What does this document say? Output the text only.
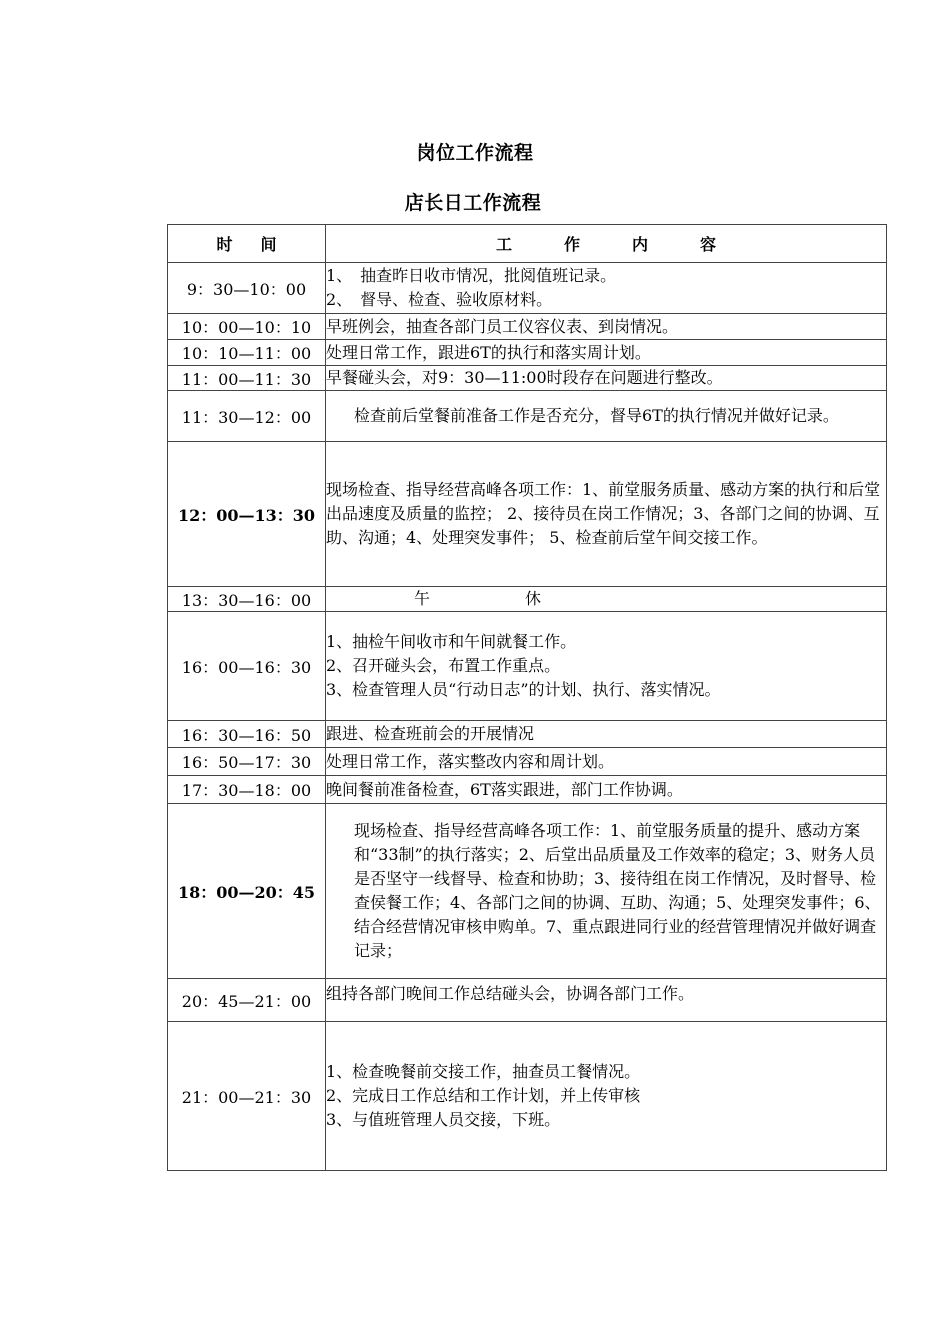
岗位工作流程
店长日工作流程
时 间	工 作 内 容
9：30—10：00	1、　抽查昨日收市情况，批阅值班记录。

2、　督导、检查、验收原材料。

10：00—10：10	早班例会，抽查各部门员工仪容仪表、到岗情况。
10：10—11：00	处理日常工作，跟进6T的执行和落实周计划。
11：00—11：30	早餐碰头会，对9：30—11:00时段存在问题进行整改。
11：30—12：00	检查前后堂餐前准备工作是否充分，督导6T的执行情况并做好记录。
12：00—13：30	现场检查、指导经营高峰各项工作：1、前堂服务质量、感动方案的执行和后堂出品速度及质量的监控； 2、接待员在岗工作情况；3、各部门之间的协调、互助、沟通；4、处理突发事件； 5、检查前后堂午间交接工作。
13：30—16：00	午 休
16：00—16：30	1、抽检午间收市和午间就餐工作。

2、召开碰头会，布置工作重点。

3、检查管理人员“行动日志”的计划、执行、落实情况。

16：30—16：50	跟进、检查班前会的开展情况
16：50—17：30	处理日常工作，落实整改内容和周计划。
17：30—18：00	晚间餐前准备检查，6T落实跟进，部门工作协调。
18：00—20：45	现场检查、指导经营高峰各项工作：1、前堂服务质量的提升、感动方案和“33制”的执行落实；2、后堂出品质量及工作效率的稳定；3、财务人员是否坚守一线督导、检查和协助；3、接待组在岗工作情况，及时督导、检查侯餐工作；4、各部门之间的协调、互助、沟通；5、处理突发事件；6、结合经营情况审核申购单。7、重点跟进同行业的经营管理情况并做好调查记录；
20：45—21：00	组持各部门晚间工作总结碰头会，协调各部门工作。
21：00—21：30	1、检查晚餐前交接工作，抽查员工餐情况。

2、完成日工作总结和工作计划，并上传审核

3、与值班管理人员交接，下班。
